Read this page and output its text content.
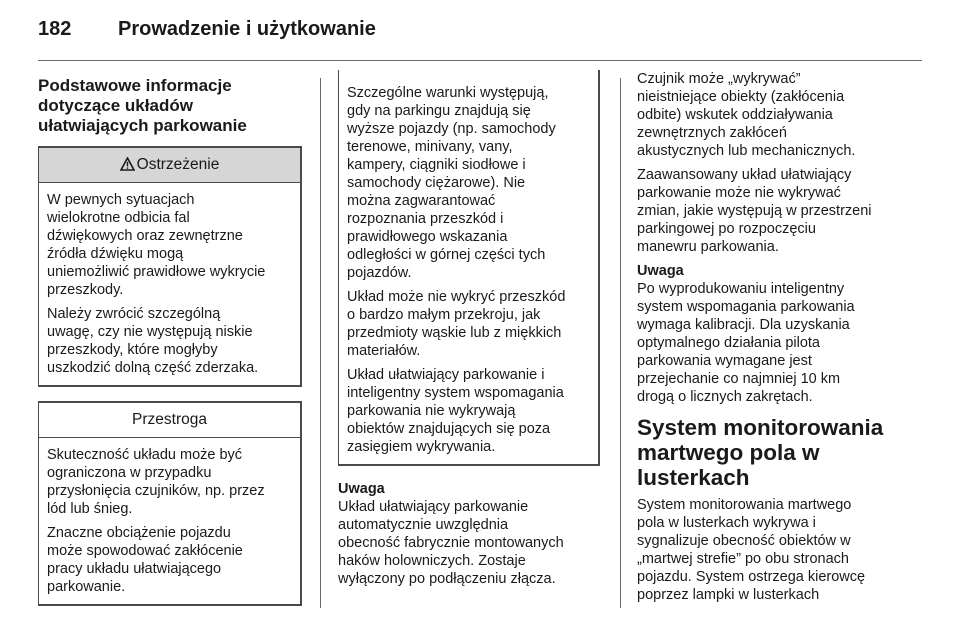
182 Prowadzenie i użytkowanie
Podstawowe informacje
dotyczące układów
ułatwiających parkowanie
Ostrzeżenie

W pewnych sytuacjach
wielokrotne odbicia fal
dźwiękowych oraz zewnętrzne
źródła dźwięku mogą
uniemożliwić prawidłowe wykrycie
przeszkody.

Należy zwrócić szczególną
uwagę, czy nie występują niskie
przeszkody, które mogłyby
uszkodzić dolną część zderzaka.

Przestroga

Skuteczność układu może być
ograniczona w przypadku
przysłonięcia czujników, np. przez
lód lub śnieg.

Znaczne obciążenie pojazdu
może spowodować zakłócenie
pracy układu ułatwiającego
parkowanie.

Szczególne warunki występują,
gdy na parkingu znajdują się
wyższe pojazdy (np. samochody
terenowe, minivany, vany,
kampery, ciągniki siodłowe i
samochody ciężarowe). Nie
można zagwarantować
rozpoznania przeszkód i
prawidłowego wskazania
odległości w górnej części tych
pojazdów.

Układ może nie wykryć przeszkód
o bardzo małym przekroju, jak
przedmioty wąskie lub z miękkich
materiałów.

Układ ułatwiający parkowanie i
inteligentny system wspomagania
parkowania nie wykrywają
obiektów znajdujących się poza
zasięgiem wykrywania.

Uwaga

Układ ułatwiający parkowanie
automatycznie uwzględnia
obecność fabrycznie montowanych
haków holowniczych. Zostaje
wyłączony po podłączeniu złącza.

Czujnik może „wykrywać”
nieistniejące obiekty (zakłócenia
odbite) wskutek oddziaływania
zewnętrznych zakłóceń
akustycznych lub mechanicznych.

Zaawansowany układ ułatwiający
parkowanie może nie wykrywać
zmian, jakie występują w przestrzeni
parkingowej po rozpoczęciu
manewru parkowania.

Uwaga

Po wyprodukowaniu inteligentny
system wspomagania parkowania
wymaga kalibracji. Dla uzyskania
optymalnego działania pilota
parkowania wymagane jest
przejechanie co najmniej 10 km
drogą o licznych zakrętach.

System monitorowania
martwego pola w
lusterkach

System monitorowania martwego
pola w lusterkach wykrywa i
sygnalizuje obecność obiektów w
„martwej strefie” po obu stronach
pojazdu. System ostrzega kierowcę
poprzez lampki w lusterkach
